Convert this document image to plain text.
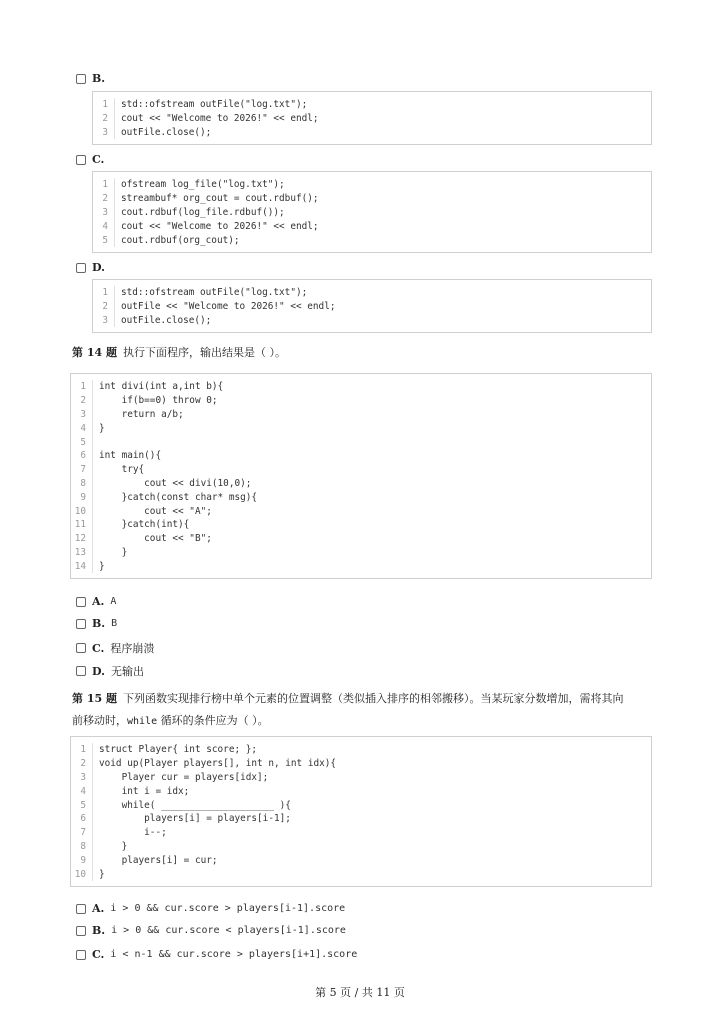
B.
1	std::ofstream outFile("log.txt");
2	cout << "Welcome to 2026!" << endl;
3	outFile.close();
C.
1	ofstream log_file("log.txt");
2	streambuf* org_cout = cout.rdbuf();
3	cout.rdbuf(log_file.rdbuf());
4	cout << "Welcome to 2026!" << endl;
5	cout.rdbuf(org_cout);
D.
1	std::ofstream outFile("log.txt");
2	outFile << "Welcome to 2026!" << endl;
3	outFile.close();
第 14 题 执行下面程序，输出结果是（ ）。
1	int divi(int a,int b){
2	if(b==0) throw 0;
3	return a/b;
4	}
5
6	int main(){
7	try{
8	cout << divi(10,0);
9	}catch(const char* msg){
10	cout << "A";
11	}catch(int){
12	cout << "B";
13	}
14	}
A. A
B. B
C. 程序崩溃
D. 无输出
第 15 题 下列函数实现排行榜中单个元素的位置调整（类似插入排序的相邻搬移）。当某玩家分数增加，需将其向
前移动时，while 循环的条件应为（ ）。
1	struct Player{ int score; };
2	void up(Player players[], int n, int idx){
3	Player cur = players[idx];
4	int i = idx;
5	while( ____________________ ){
6	players[i] = players[i-1];
7	i--;
8	}
9	players[i] = cur;
10	}
A. i > 0 && cur.score > players[i-1].score
B. i > 0 && cur.score < players[i-1].score
C. i < n-1 && cur.score > players[i+1].score
第 5 页 / 共 11 页
